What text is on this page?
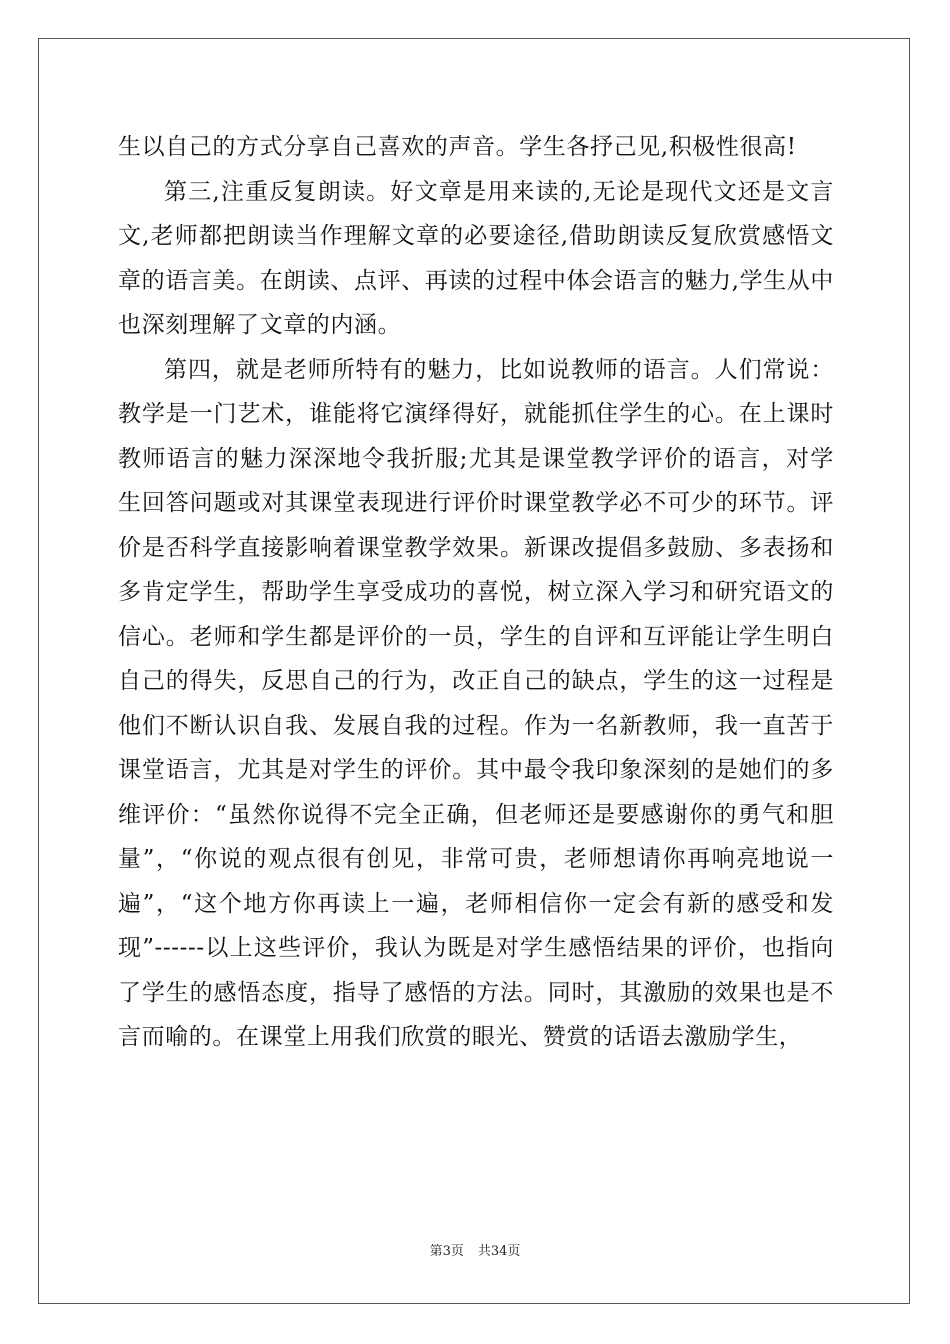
生以自己的方式分享自己喜欢的声音。学生各抒己见,积极性很高!

第三,注重反复朗读。好文章是用来读的,无论是现代文还是文言文,老师都把朗读当作理解文章的必要途径,借助朗读反复欣赏感悟文章的语言美。在朗读、点评、再读的过程中体会语言的魅力,学生从中也深刻理解了文章的内涵。

第四，就是老师所特有的魅力，比如说教师的语言。人们常说：教学是一门艺术，谁能将它演绎得好，就能抓住学生的心。在上课时教师语言的魅力深深地令我折服;尤其是课堂教学评价的语言，对学生回答问题或对其课堂表现进行评价时课堂教学必不可少的环节。评价是否科学直接影响着课堂教学效果。新课改提倡多鼓励、多表扬和多肯定学生，帮助学生享受成功的喜悦，树立深入学习和研究语文的信心。老师和学生都是评价的一员，学生的自评和互评能让学生明白自己的得失，反思自己的行为，改正自己的缺点，学生的这一过程是他们不断认识自我、发展自我的过程。作为一名新教师，我一直苦于课堂语言，尤其是对学生的评价。其中最令我印象深刻的是她们的多维评价：“虽然你说得不完全正确，但老师还是要感谢你的勇气和胆量”，“你说的观点很有创见，非常可贵，老师想请你再响亮地说一遍”，“这个地方你再读上一遍，老师相信你一定会有新的感受和发现”------以上这些评价，我认为既是对学生感悟结果的评价，也指向了学生的感悟态度，指导了感悟的方法。同时，其激励的效果也是不言而喻的。在课堂上用我们欣赏的眼光、赞赏的话语去激励学生，

第3页 共34页
